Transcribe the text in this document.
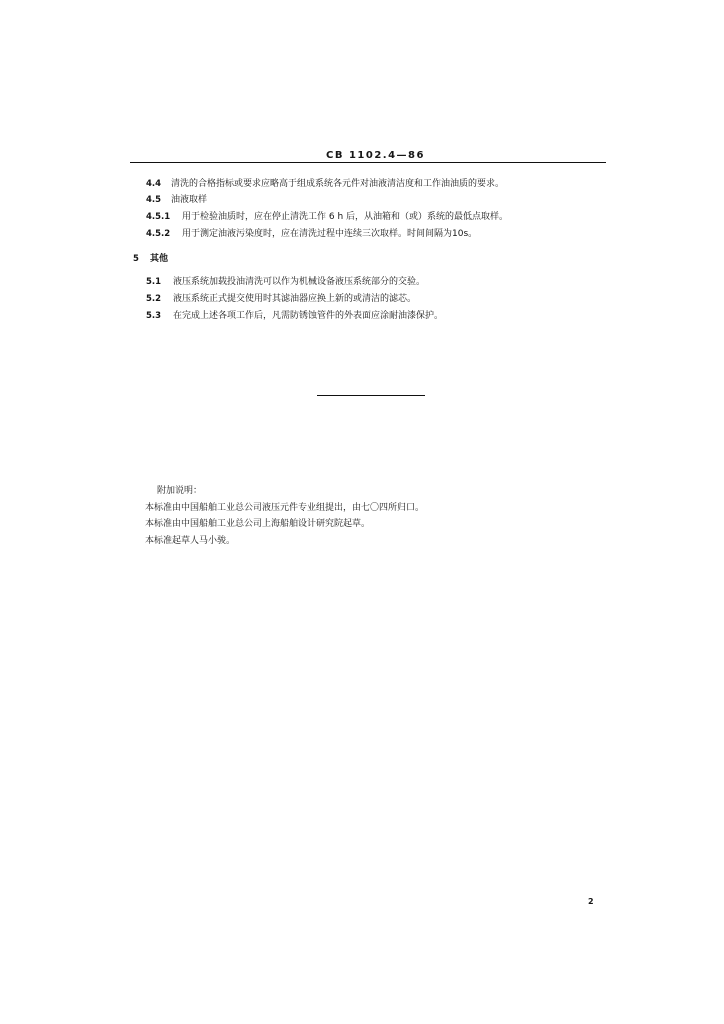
CB 1102.4—86
4.4 清洗的合格指标或要求应略高于组成系统各元件对油液清洁度和工作油油质的要求。
4.5 油液取样
4.5.1 用于检验油质时，应在停止清洗工作 6 h 后，从油箱和（或）系统的最低点取样。
4.5.2 用于测定油液污染度时，应在清洗过程中连续三次取样。时间间隔为10s。
5 其他
5.1 液压系统加载投油清洗可以作为机械设备液压系统部分的交验。
5.2 液压系统正式提交使用时其滤油器应换上新的或清洁的滤芯。
5.3 在完成上述各项工作后，凡需防锈蚀管件的外表面应涂耐油漆保护。
附加说明：
本标准由中国船舶工业总公司液压元件专业组提出，由七〇四所归口。
本标准由中国船舶工业总公司上海船舶设计研究院起草。
本标准起草人马小骏。
2
